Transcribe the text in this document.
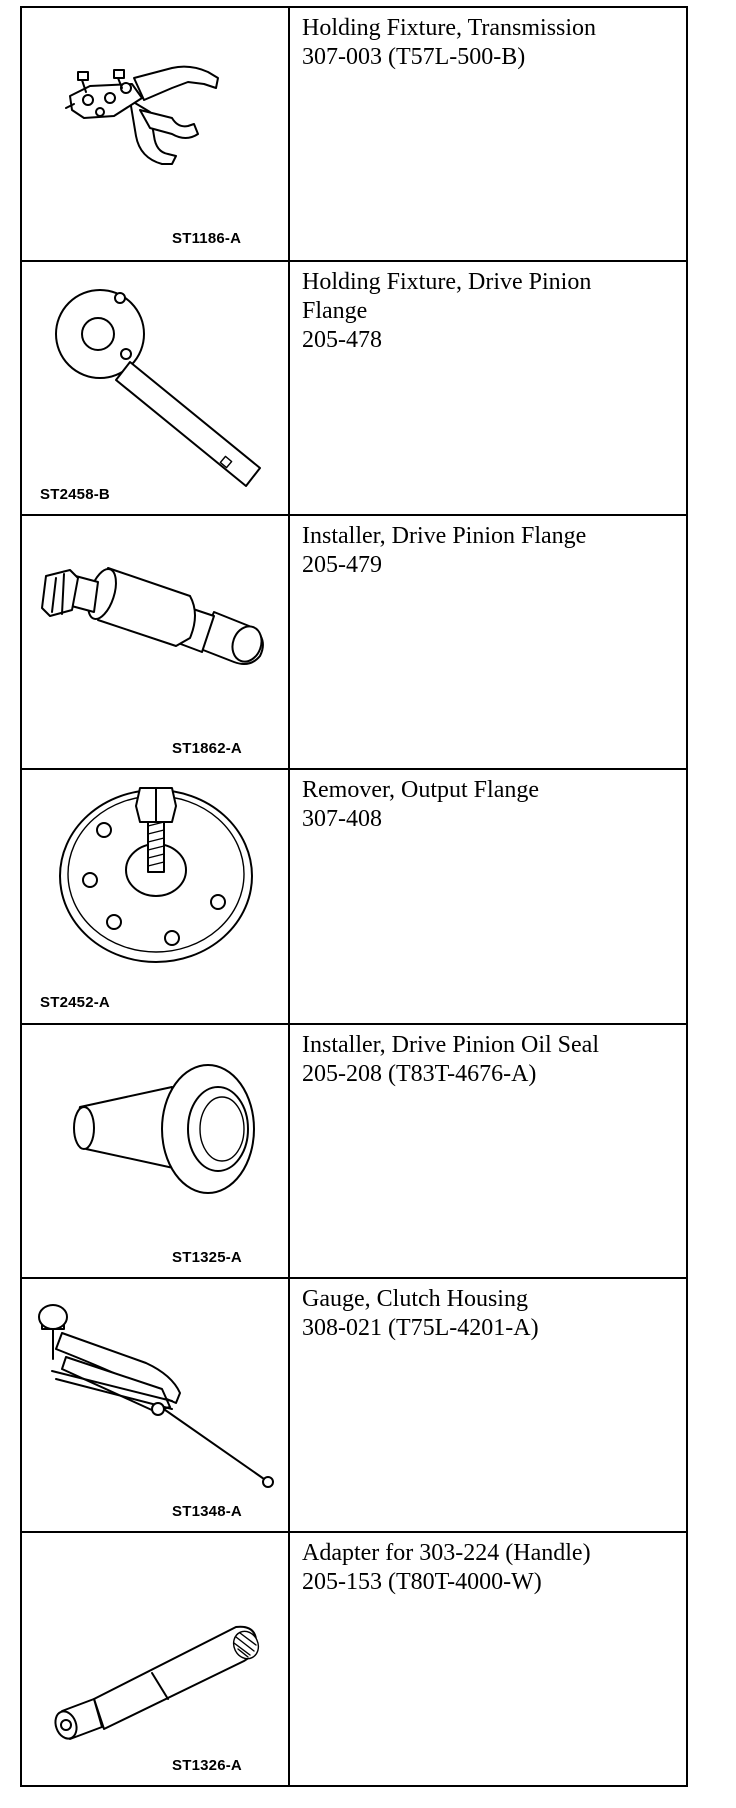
ST1186-A	Holding Fixture, Transmission
307-003 (T57L-500-B)

ST2458-B	Holding Fixture, Drive Pinion
Flange
205-478

ST1862-A	Installer, Drive Pinion Flange
205-479

ST2452-A	Remover, Output Flange
307-408

ST1325-A	Installer, Drive Pinion Oil Seal
205-208 (T83T-4676-A)

ST1348-A	Gauge, Clutch Housing
308-021 (T75L-4201-A)

ST1326-A	Adapter for 303-224 (Handle)
205-153 (T80T-4000-W)
